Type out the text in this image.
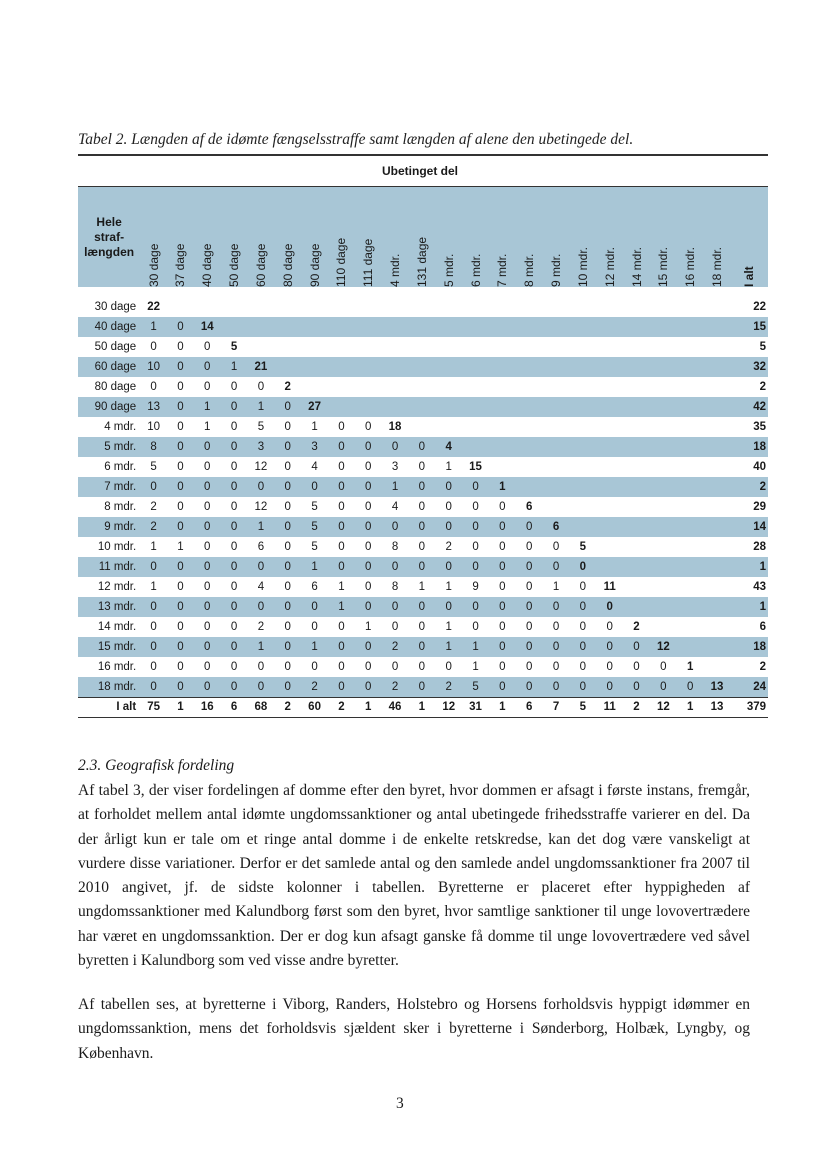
Tabel 2. Længden af de idømte fængselsstraffe samt længden af alene den ubetingede del.
Ubetinget del
Hele
straf-
længden	30 dage	37 dage	40 dage	50 dage	60 dage	80 dage	90 dage	110 dage	111 dage	4 mdr.	131 dage	5 mdr.	6 mdr.	7 mdr.	8 mdr.	9 mdr.	10 mdr.	12 mdr.	14 mdr.	15 mdr.	16 mdr.	18 mdr.	I alt

30 dage	22																						22
40 dage	1	0	14																				15
50 dage	0	0	0	5																			5
60 dage	10	0	0	1	21																		32
80 dage	0	0	0	0	0	2																	2
90 dage	13	0	1	0	1	0	27																42
4 mdr.	10	0	1	0	5	0	1	0	0	18													35
5 mdr.	8	0	0	0	3	0	3	0	0	0	0	4											18
6 mdr.	5	0	0	0	12	0	4	0	0	3	0	1	15										40
7 mdr.	0	0	0	0	0	0	0	0	0	1	0	0	0	1									2
8 mdr.	2	0	0	0	12	0	5	0	0	4	0	0	0	0	6								29
9 mdr.	2	0	0	0	1	0	5	0	0	0	0	0	0	0	0	6							14
10 mdr.	1	1	0	0	6	0	5	0	0	8	0	2	0	0	0	0	5						28
11 mdr.	0	0	0	0	0	0	1	0	0	0	0	0	0	0	0	0	0						1
12 mdr.	1	0	0	0	4	0	6	1	0	8	1	1	9	0	0	1	0	11					43
13 mdr.	0	0	0	0	0	0	0	1	0	0	0	0	0	0	0	0	0	0					1
14 mdr.	0	0	0	0	2	0	0	0	1	0	0	1	0	0	0	0	0	0	2				6
15 mdr.	0	0	0	0	1	0	1	0	0	2	0	1	1	0	0	0	0	0	0	12			18
16 mdr.	0	0	0	0	0	0	0	0	0	0	0	0	1	0	0	0	0	0	0	0	1		2
18 mdr.	0	0	0	0	0	0	2	0	0	2	0	2	5	0	0	0	0	0	0	0	0	13	24
I alt	75	1	16	6	68	2	60	2	1	46	1	12	31	1	6	7	5	11	2	12	1	13	379
2.3. Geografisk fordeling
Af tabel 3, der viser fordelingen af domme efter den byret, hvor dommen er afsagt i første instans, fremgår, at forholdet mellem antal idømte ungdomssanktioner og antal ubetingede frihedsstraffe varierer en del. Da der årligt kun er tale om et ringe antal domme i de enkelte retskredse, kan det dog være vanskeligt at vurdere disse variationer. Derfor er det samlede antal og den samlede andel ungdomssanktioner fra 2007 til 2010 angivet, jf. de sidste kolonner i tabellen. Byretterne er placeret efter hyppigheden af ungdomssanktioner med Kalundborg først som den byret, hvor samtlige sanktioner til unge lovovertrædere har været en ungdomssanktion. Der er dog kun afsagt ganske få domme til unge lovovertrædere ved såvel byretten i Kalundborg som ved visse andre byretter.
Af tabellen ses, at byretterne i Viborg, Randers, Holstebro og Horsens forholdsvis hyppigt idømmer en ungdomssanktion, mens det forholdsvis sjældent sker i byretterne i Sønderborg, Holbæk, Lyngby, og København.
3
